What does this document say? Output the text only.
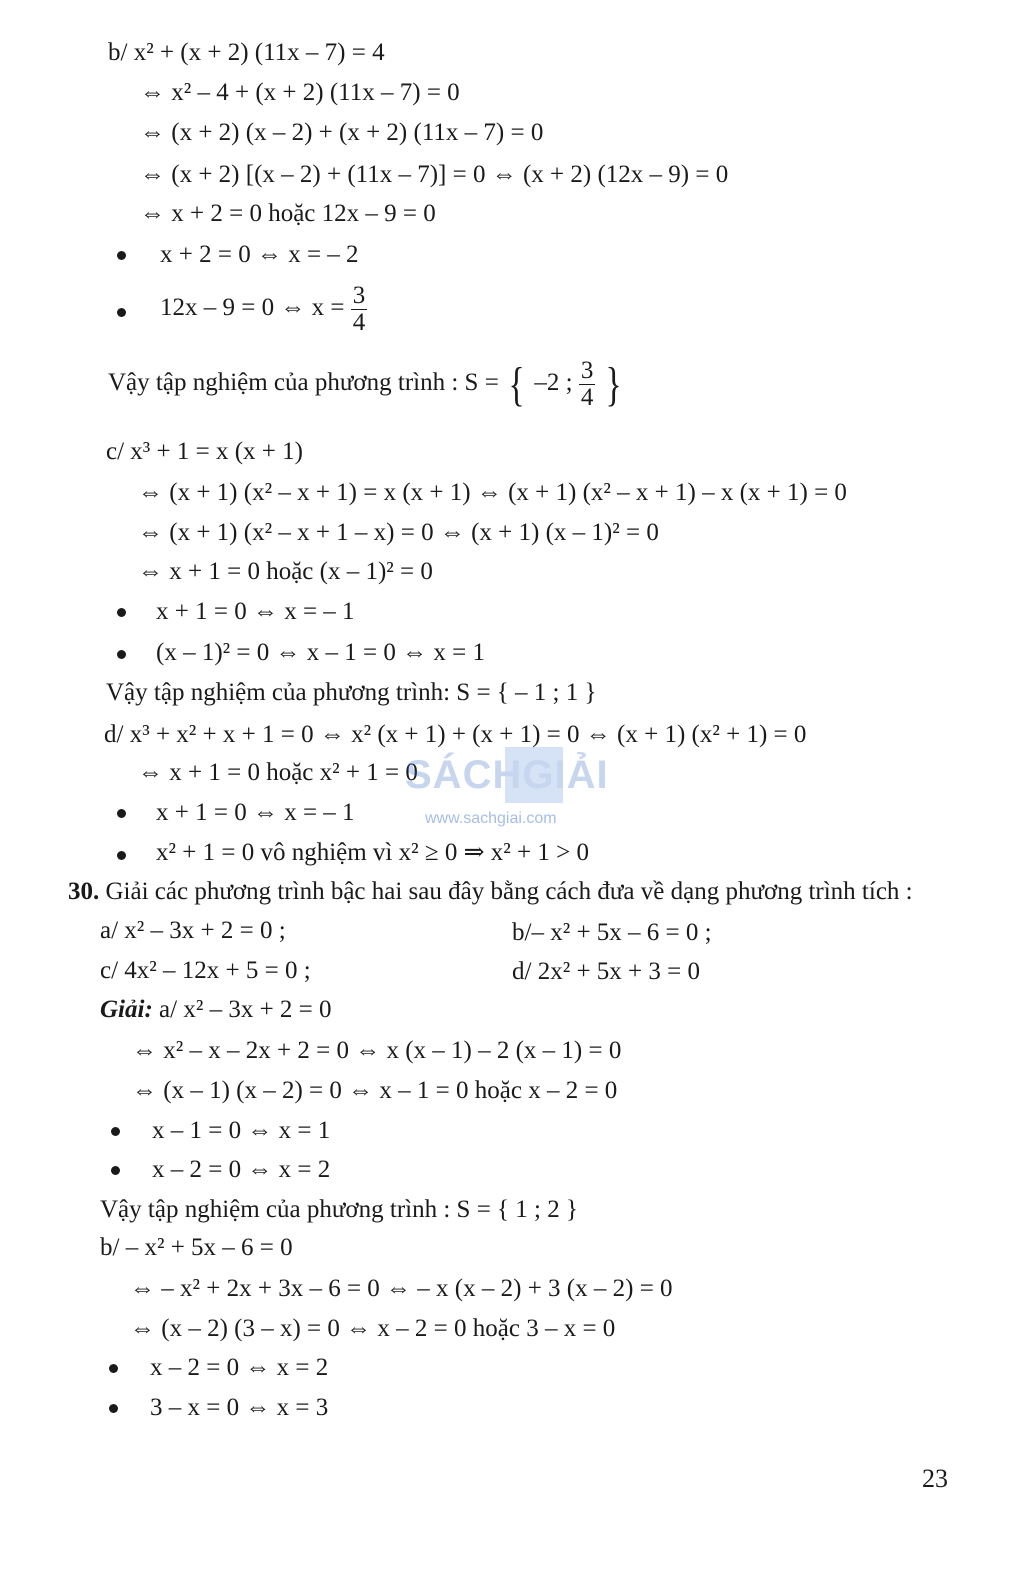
b/ x² + (x + 2) (11x – 7) = 4
⇔ x² – 4 + (x + 2) (11x – 7) = 0
⇔ (x + 2) (x – 2) + (x + 2) (11x – 7) = 0
⇔ (x + 2) [(x – 2) + (11x – 7)] = 0 ⇔ (x + 2) (12x – 9) = 0
⇔ x + 2 = 0 hoặc 12x – 9 = 0
x + 2 = 0 ⇔ x = – 2
12x – 9 = 0 ⇔ $x = \frac{3}{4}$
Vậy tập nghiệm của phương trình : S = { –2 ; $\frac{3}{4}$ }
c/ x³ + 1 = x (x + 1)
⇔ (x + 1) (x² – x + 1) = x (x + 1) ⇔ (x + 1) (x² – x + 1) – x (x + 1) = 0
⇔ (x + 1) (x² – x + 1 – x) = 0 ⇔ (x + 1) (x – 1)² = 0
⇔ x + 1 = 0 hoặc (x – 1)² = 0
x + 1 = 0 ⇔ x = – 1
(x – 1)² = 0 ⇔ x – 1 = 0 ⇔ x = 1
Vậy tập nghiệm của phương trình: S = { – 1 ; 1 }
d/ x³ + x² + x + 1 = 0 ⇔ x² (x + 1) + (x + 1) = 0 ⇔ (x + 1) (x² + 1) = 0
⇔ x + 1 = 0 hoặc x² + 1 = 0
x + 1 = 0 ⇔ x = – 1
x² + 1 = 0 vô nghiệm vì x² ≥ 0 ⇒ x² + 1 > 0
30. Giải các phương trình bậc hai sau đây bằng cách đưa về dạng phương trình tích :
a/ x² – 3x + 2 = 0 ;	b/– x² + 5x – 6 = 0 ;
c/ 4x² – 12x + 5 = 0 ;	d/ 2x² + 5x + 3 = 0
Giải: a/ x² – 3x + 2 = 0
⇔ x² – x – 2x + 2 = 0 ⇔ x (x – 1) – 2 (x – 1) = 0
⇔ (x – 1) (x – 2) = 0 ⇔ x – 1 = 0 hoặc x – 2 = 0
x – 1 = 0 ⇔ x = 1
x – 2 = 0 ⇔ x = 2
Vậy tập nghiệm của phương trình : S = { 1 ; 2 }
b/ – x² + 5x – 6 = 0
⇔ – x² + 2x + 3x – 6 = 0 ⇔ – x (x – 2) + 3 (x – 2) = 0
⇔ (x – 2) (3 – x) = 0 ⇔ x – 2 = 0 hoặc 3 – x = 0
x – 2 = 0 ⇔ x = 2
3 – x = 0 ⇔ x = 3
SÁCHGIẢI
www.sachgiai.com
23
